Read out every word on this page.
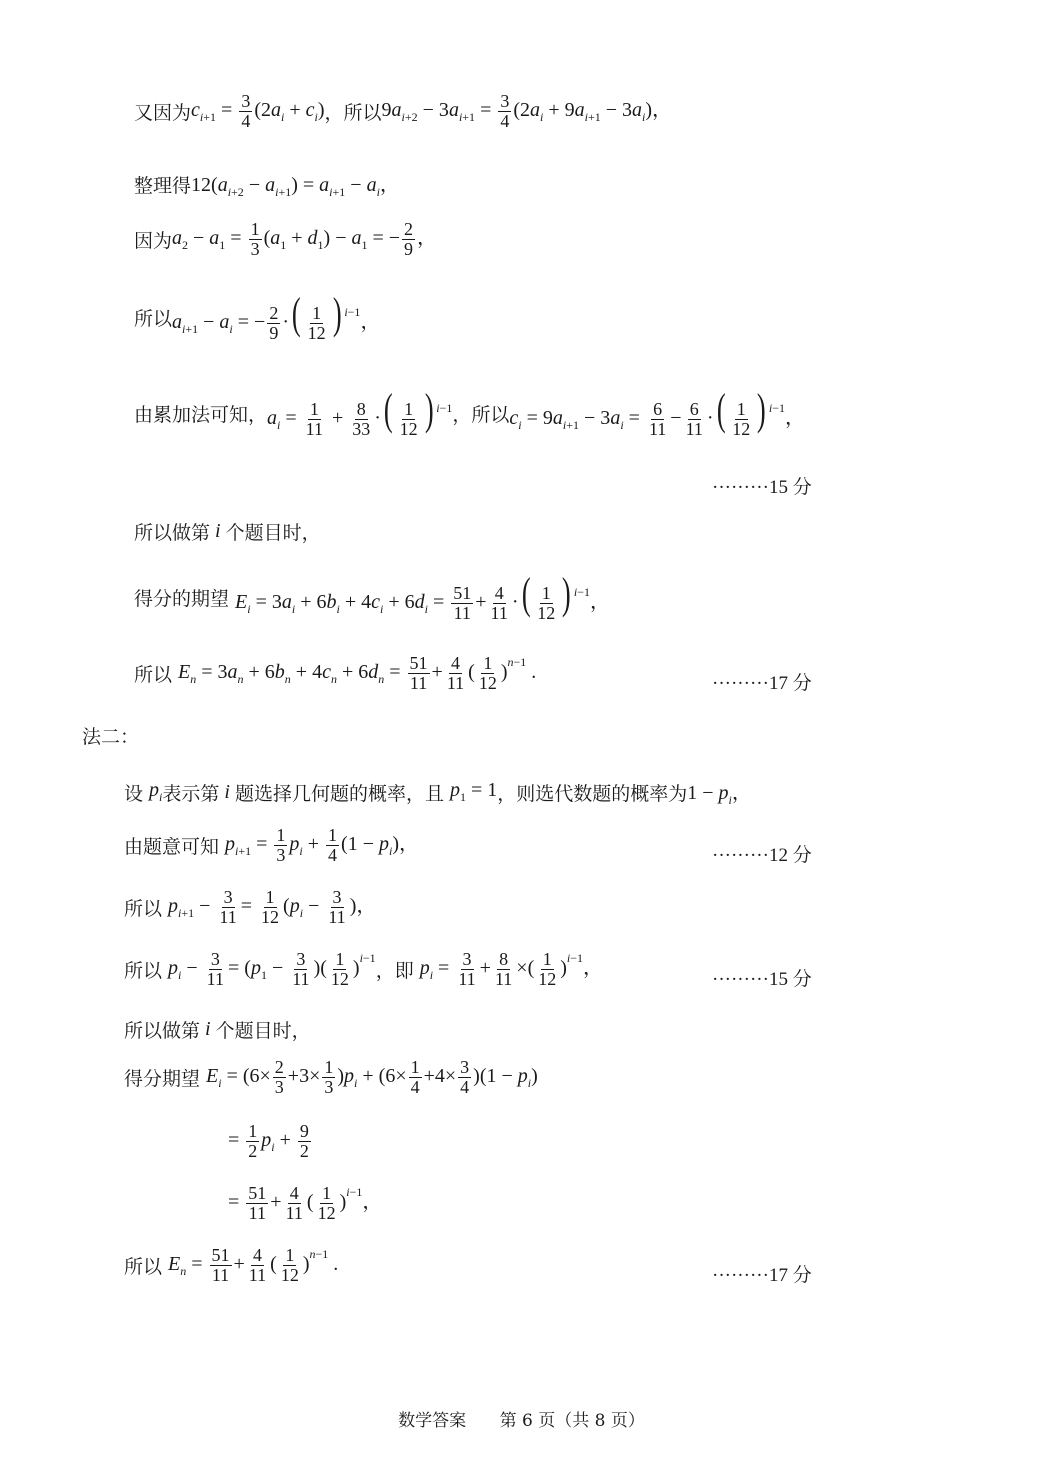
又因为 $c_{i+1} = \frac{3}{4} (2a_i + c_i)$ ，所以 $9a_{i+2} - 3a_{i+1} = \frac{3}{4} (2a_i + 9a_{i+1} - 3a_i)$，
整理得 $12(a_{i+2} - a_{i+1}) = a_{i+1} - a_i$，
因为 $a_2 - a_1 = \frac{1}{3} (a_1 + d_1) - a_1$ = − $\frac{2}{9}$ ，
所以 $a_{i+1} - a_i$ = − $\frac{2}{9}$ ·( $\frac{1}{12}$ ) $^{i-1}$，
由累加法可知， $a_i = \frac{1}{11} + \frac{8}{33}$ ·( $\frac{1}{12}$ ) $^{i-1}$ ，所以 $c_i = 9a_{i+1} - 3a_i = \frac{6}{11} - \frac{6}{11}$ ·( $\frac{1}{12}$ ) $^{i-1}$，
·········15 分
所以做第 i 个题目时，
得分的期望 $E_i = 3a_i + 6b_i + 4c_i + 6d_i = \frac{51}{11} + \frac{4}{11}$ ·( $\frac{1}{12}$ ) $^{i-1}$，
所以 $E_n = 3a_n + 6b_n + 4c_n + 6d_n = \frac{51}{11} + \frac{4}{11}$ ( $\frac{1}{12} )^{n-1}$ .
·········17 分
法二：
设 $p_i$ 表示第 i 题选择几何题的概率，且 $p_1 = 1$ ，则选代数题的概率为 $1 - p_i$，
由题意可知 $p_{i+1} = \frac{1}{3} p_i + \frac{1}{4} (1 - p_i)$，
·········12 分
所以 $p_{i+1} - \frac{3}{11} = \frac{1}{12} (p_i - \frac{3}{11}$ )，
所以 $p_i - \frac{3}{11} = (p_1 - \frac{3}{11}$ )( $\frac{1}{12} )^{i-1}$
，即 $p_i = \frac{3}{11} + \frac{8}{11}$ ×( $\frac{1}{12} )^{i-1}$，
·········15 分
所以做第 i 个题目时，
得分期望 $E_i = (6\times \frac{2}{3} +3\times \frac{1}{3} )p_i + (6\times \frac{1}{4} +4\times \frac{3}{4} )(1 - p_i)$
= $\frac{1}{2} p_i + \frac{9}{2}$
= $\frac{51}{11} + \frac{4}{11}$ ( $\frac{1}{12} )^{i-1}$，
所以 $E_n = \frac{51}{11} + \frac{4}{11}$ ( $\frac{1}{12} )^{n-1}$ .
·········17 分
数学答案 第 6 页（共 8 页）
